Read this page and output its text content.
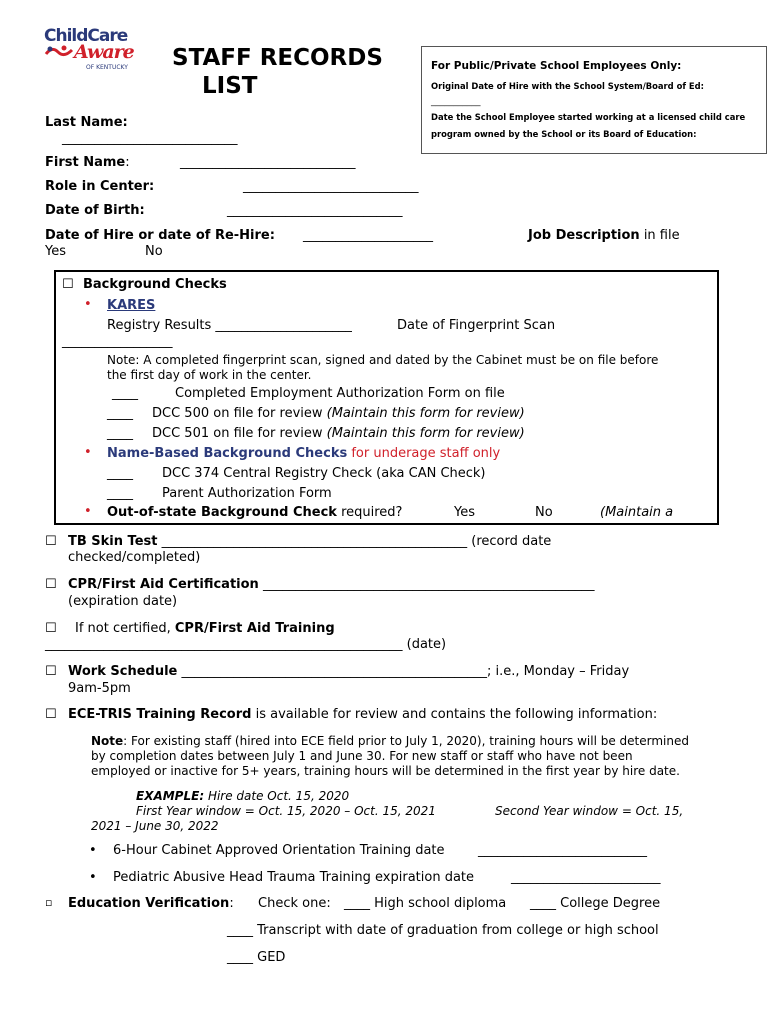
ChildCare
Aware
OF KENTUCKY STAFF RECORDS
LIST
For Public/Private School Employees Only:
Original Date of Hire with the School System/Board of Ed:
___________
Date the School Employee started working at a licensed child care
program owned by the School or its Board of Education:
Last Name:
___________________________
First Name:	___________________________
Role in Center:	___________________________
Date of Birth:	___________________________
Date of Hire or date of Re-Hire: ____________________	Job Description in file
Yes	No
☐ Background Checks
• KARES
Registry Results _____________________	Date of Fingerprint Scan
_________________
Note: A completed fingerprint scan, signed and dated by the Cabinet must be on file before
the first day of work in the center.
____	Completed Employment Authorization Form on file
____ DCC 500 on file for review (Maintain this form for review)
____ DCC 501 on file for review (Maintain this form for review)
• Name-Based Background Checks for underage staff only
____ DCC 374 Central Registry Check (aka CAN Check)
____ Parent Authorization Form
• Out-of-state Background Check required?	Yes	No	(Maintain a
☐ TB Skin Test _______________________________________________ (record date
checked/completed)
☐ CPR/First Aid Certification ___________________________________________________
(expiration date)
☐ If not certified, CPR/First Aid Training
_______________________________________________________ (date)
☐ Work Schedule _______________________________________________; i.e., Monday – Friday
9am-5pm
☐ ECE-TRIS Training Record is available for review and contains the following information:
Note: For existing staff (hired into ECE field prior to July 1, 2020), training hours will be determined
by completion dates between July 1 and June 30. For new staff or staff who have not been
employed or inactive for 5+ years, training hours will be determined in the first year by hire date.
EXAMPLE: Hire date Oct. 15, 2020
First Year window = Oct. 15, 2020 – Oct. 15, 2021	Second Year window = Oct. 15,
2021 – June 30, 2022
• 6-Hour Cabinet Approved Orientation Training date	__________________________
• Pediatric Abusive Head Trauma Training expiration date	_______________________
▫ Education Verification: Check one: ____ High school diploma ____ College Degree
____ Transcript with date of graduation from college or high school
____ GED
